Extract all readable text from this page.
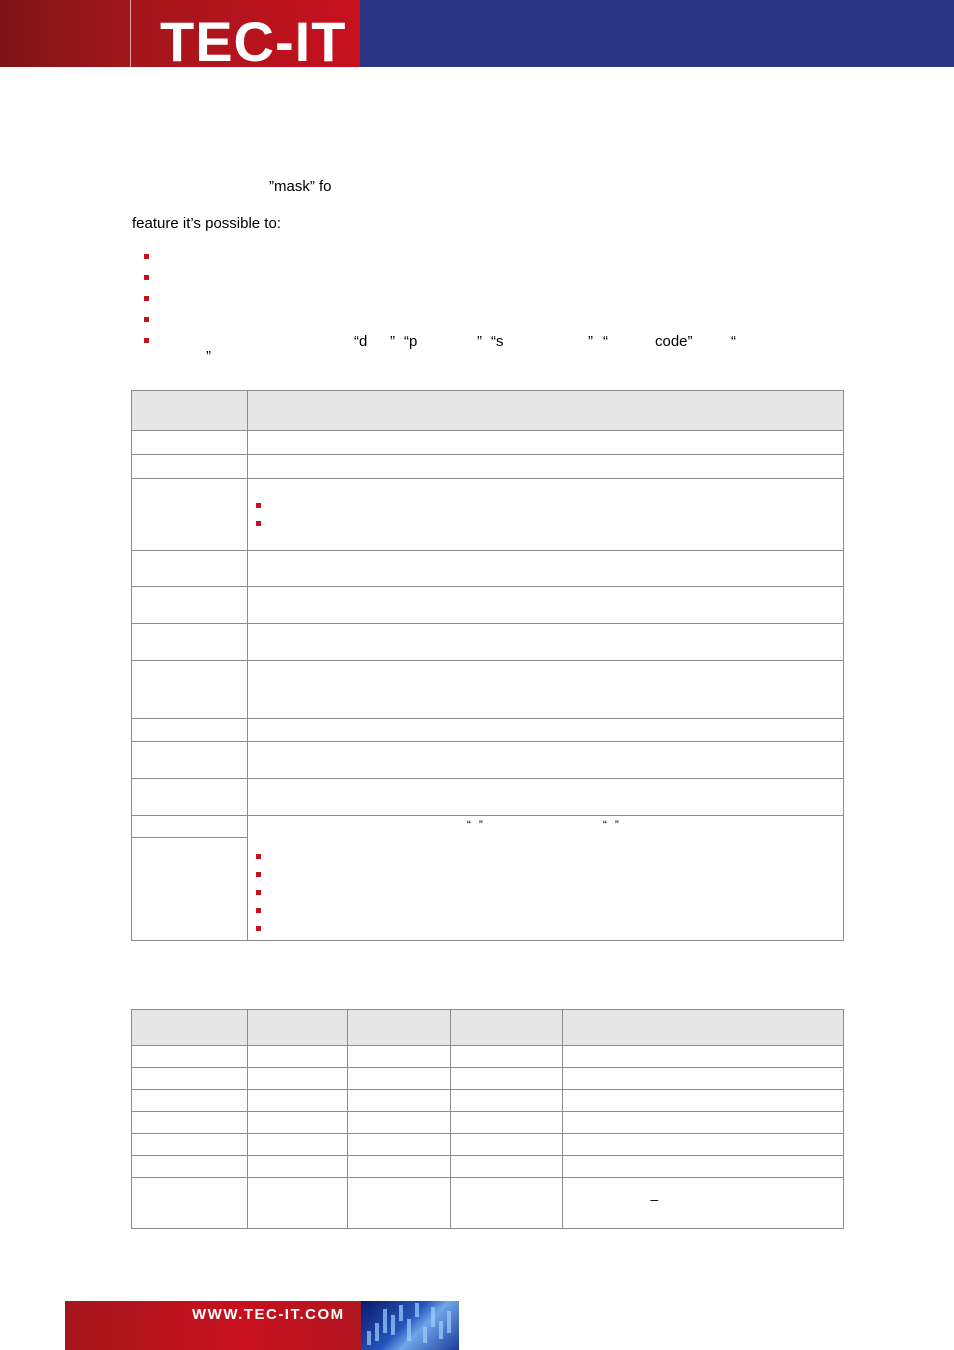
TEC-IT
”mask” fo
feature it’s possible to:
“d ” “p	” “s	” “	code”	“
”

	“ ” “ ”

				–
WWW.TEC-IT.COM
